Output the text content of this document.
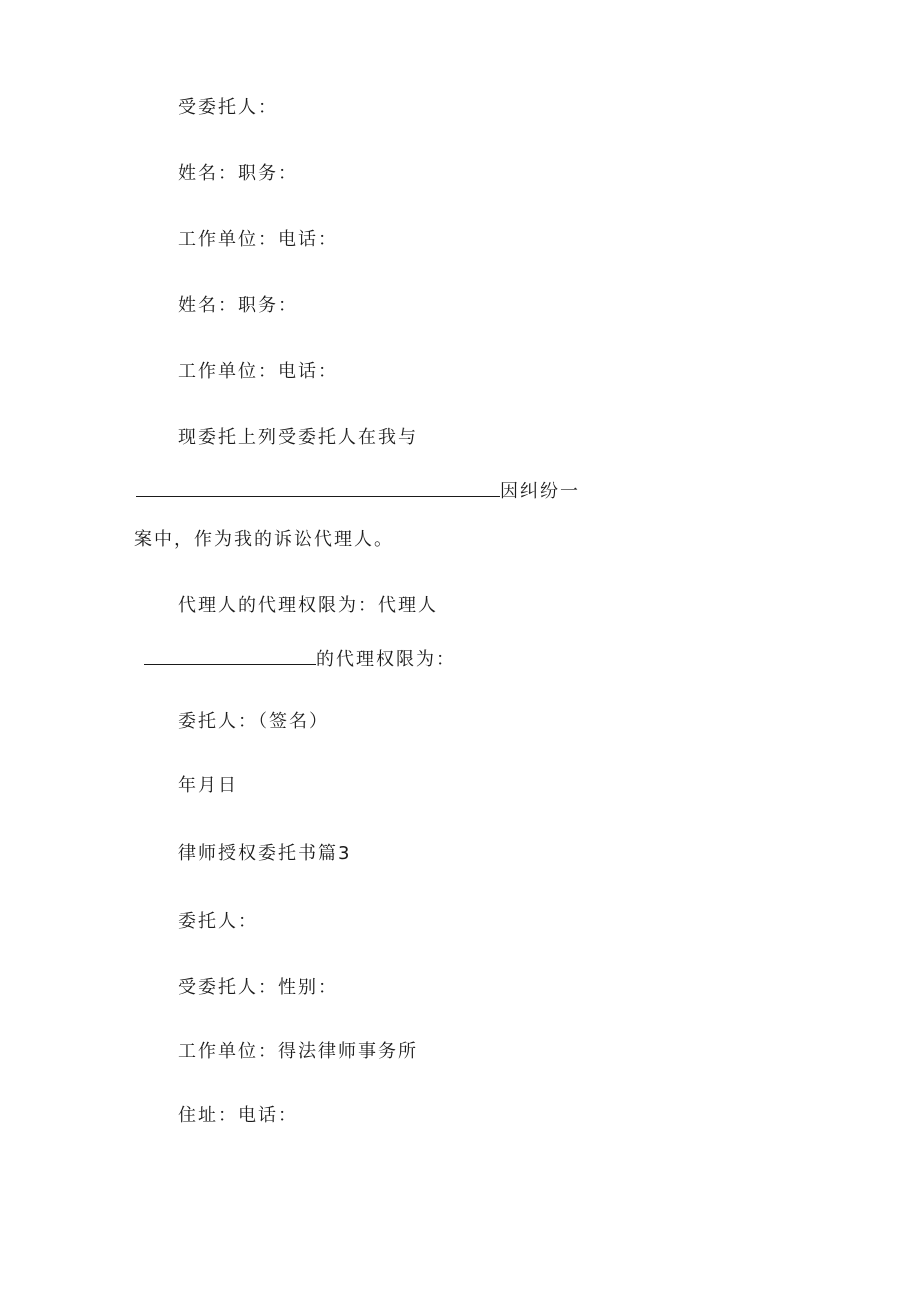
受委托人：
姓名：职务：
工作单位：电话：
姓名：职务：
工作单位：电话：
现委托上列受委托人在我与
因纠纷一
案中，作为我的诉讼代理人。
代理人的代理权限为：代理人
的代理权限为：
委托人：（签名）
年月日
律师授权委托书篇3
委托人：
受委托人：性别：
工作单位：得法律师事务所
住址：电话：
